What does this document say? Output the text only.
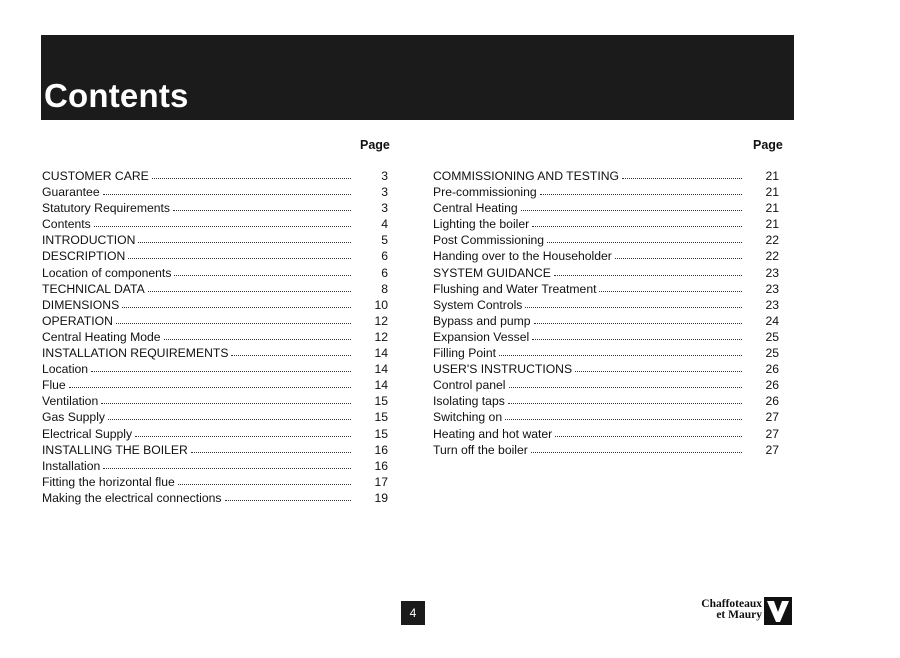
Contents
Page	Page
CUSTOMER CARE	3
Guarantee	3
Statutory Requirements	3
Contents	4
INTRODUCTION	5
DESCRIPTION	6
Location of components	6
TECHNICAL DATA	8
DIMENSIONS	10
OPERATION	12
Central Heating Mode	12
INSTALLATION REQUIREMENTS	14
Location	14
Flue	14
Ventilation	15
Gas Supply	15
Electrical Supply	15
INSTALLING THE BOILER	16
Installation	16
Fitting the horizontal flue	17
Making the electrical connections	19
COMMISSIONING AND TESTING	21
Pre-commissioning	21
Central Heating	21
Lighting the boiler	21
Post Commissioning	22
Handing over to the Householder	22
SYSTEM GUIDANCE	23
Flushing and Water Treatment	23
System Controls	23
Bypass and pump	24
Expansion Vessel	25
Filling Point	25
USER'S INSTRUCTIONS	26
Control panel	26
Isolating taps	26
Switching on	27
Heating and hot water	27
Turn off the boiler	27
4
Chaffoteaux
et Maury
